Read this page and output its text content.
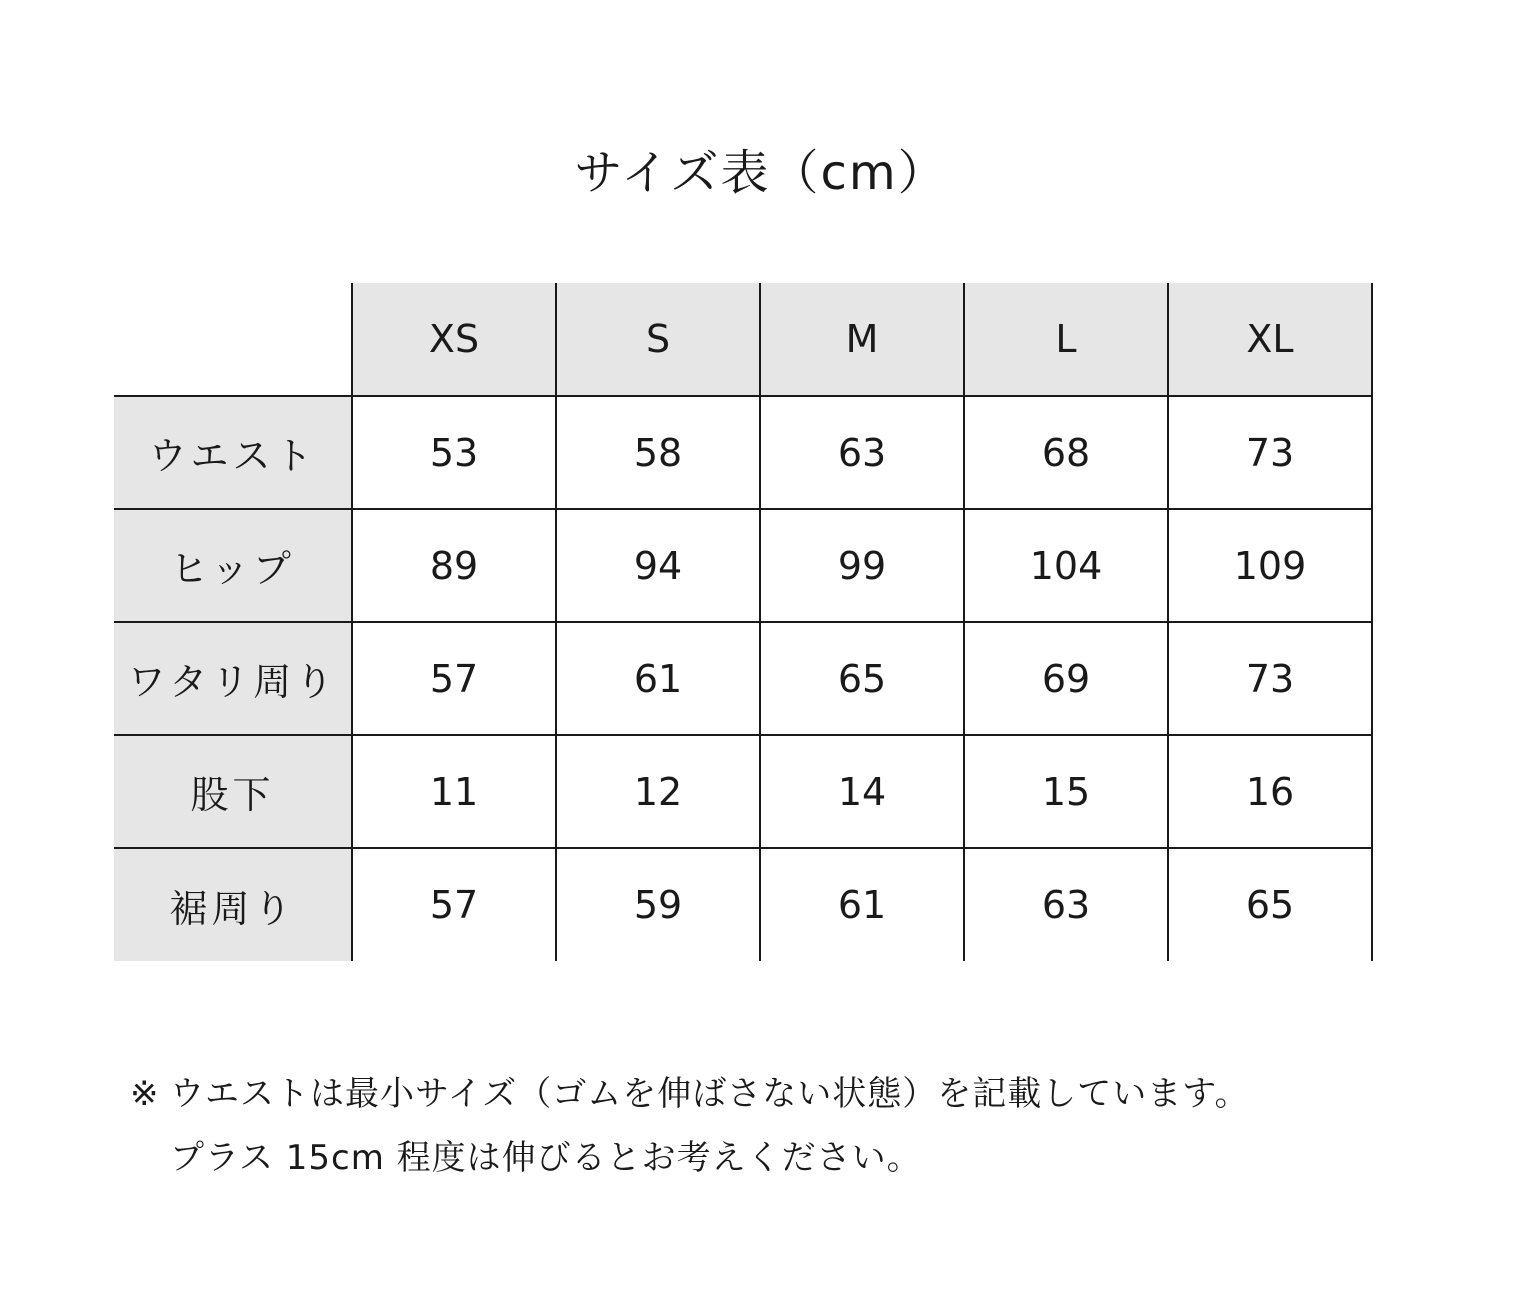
サイズ表（cm）
	XS	S	M	L	XL
ウエスト	53	58	63	68	73
ヒップ	89	94	99	104	109
ワタリ周り	57	61	65	69	73
股下	11	12	14	15	16
裾周り	57	59	61	63	65
※ ウエストは最小サイズ（ゴムを伸ばさない状態）を記載しています。
プラス 15cm 程度は伸びるとお考えください。
